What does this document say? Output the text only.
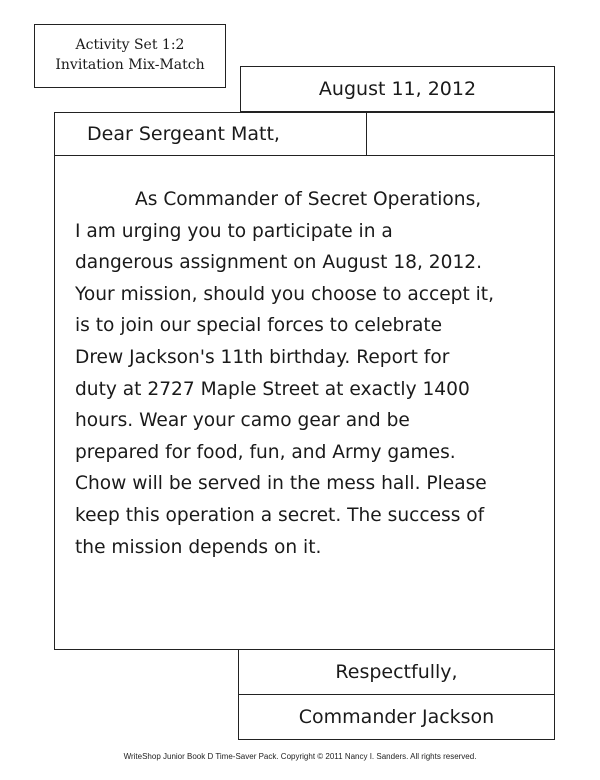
August 11, 2012
Activity Set 1:2
Invitation Mix-Match
Dear Sergeant Matt,
As Commander of Secret Operations,
I am urging you to participate in a
dangerous assignment on August 18, 2012.
Your mission, should you choose to accept it,
is to join our special forces to celebrate
Drew Jackson's 11th birthday. Report for
duty at 2727 Maple Street at exactly 1400
hours. Wear your camo gear and be
prepared for food, fun, and Army games.
Chow will be served in the mess hall. Please
keep this operation a secret. The success of
the mission depends on it.
Respectfully,
Commander Jackson
WriteShop Junior Book D Time-Saver Pack. Copyright © 2011 Nancy I. Sanders. All rights reserved.
